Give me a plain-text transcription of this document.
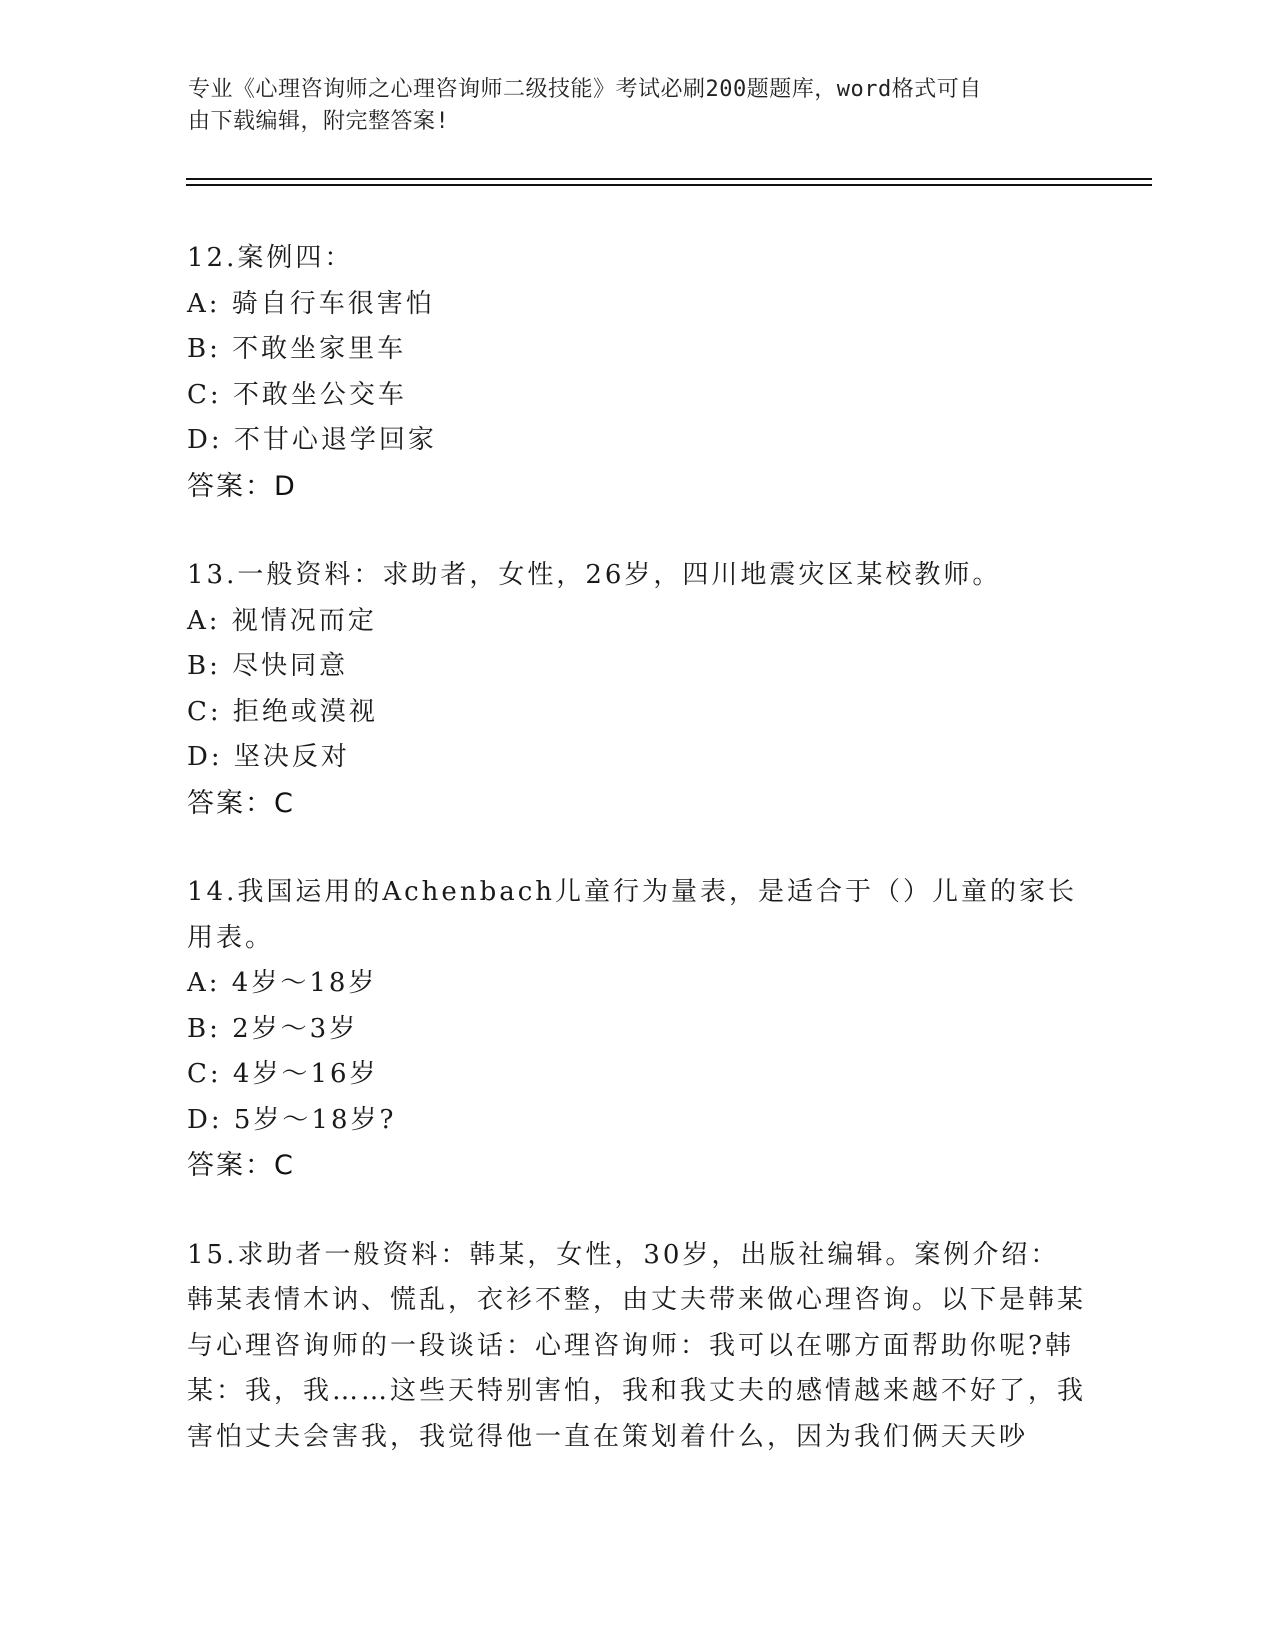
专业《心理咨询师之心理咨询师二级技能》考试必刷200题题库，word格式可自
由下载编辑，附完整答案!
12.案例四：
A: 骑自行车很害怕
B: 不敢坐家里车
C: 不敢坐公交车
D: 不甘心退学回家
答案：D
13.一般资料：求助者，女性，26岁，四川地震灾区某校教师。
A: 视情况而定
B: 尽快同意
C: 拒绝或漠视
D: 坚决反对
答案：C
14.我国运用的Achenbach儿童行为量表，是适合于（）儿童的家长用表。
A: 4岁～18岁
B: 2岁～3岁
C: 4岁～16岁
D: 5岁～18岁?
答案：C
15.求助者一般资料：韩某，女性，30岁，出版社编辑。案例介绍：韩某表情木讷、慌乱，衣衫不整，由丈夫带来做心理咨询。以下是韩某与心理咨询师的一段谈话：心理咨询师：我可以在哪方面帮助你呢?韩某：我，我……这些天特别害怕，我和我丈夫的感情越来越不好了，我害怕丈夫会害我，我觉得他一直在策划着什么，因为我们俩天天吵
